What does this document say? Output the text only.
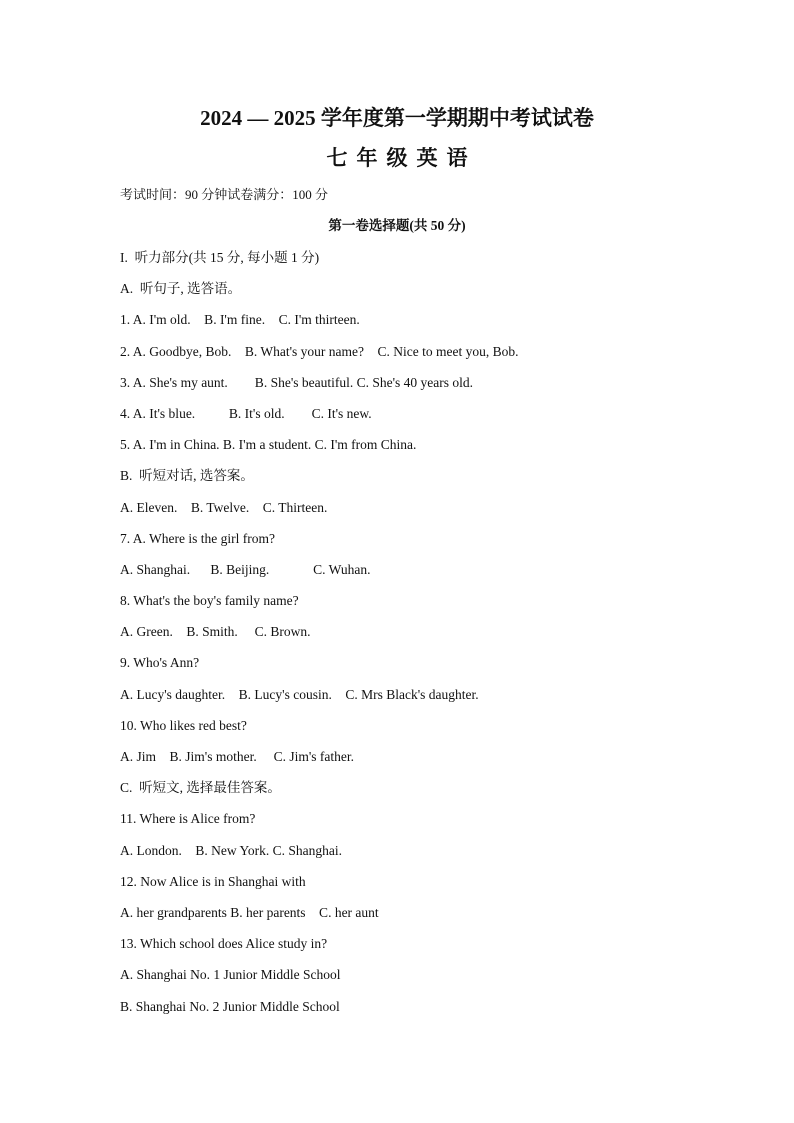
2024 — 2025 学年度第一学期期中考试试卷
七年级英语
考试时间：90 分钟试卷满分：100 分
第一卷选择题(共 50 分)
I.  听力部分(共 15 分, 每小题 1 分)
A.  听句子, 选答语。
1. A. I'm old.    B. I'm fine.    C. I'm thirteen.
2. A. Goodbye, Bob.    B. What's your name?    C. Nice to meet you, Bob.
3. A. She's my aunt.        B. She's beautiful. C. She's 40 years old.
4. A. It's blue.          B. It's old.        C. It's new.
5. A. I'm in China. B. I'm a student. C. I'm from China.
B.  听短对话, 选答案。
A. Eleven.    B. Twelve.    C. Thirteen.
7. A. Where is the girl from?
A. Shanghai.      B. Beijing.             C. Wuhan.
8. What's the boy's family name?
A. Green.    B. Smith.     C. Brown.
9. Who's Ann?
A. Lucy's daughter.    B. Lucy's cousin.    C. Mrs Black's daughter.
10. Who likes red best?
A. Jim    B. Jim's mother.     C. Jim's father.
C.  听短文, 选择最佳答案。
11. Where is Alice from?
A. London.    B. New York. C. Shanghai.
12. Now Alice is in Shanghai with
A. her grandparents B. her parents    C. her aunt
13. Which school does Alice study in?
A. Shanghai No. 1 Junior Middle School
B. Shanghai No. 2 Junior Middle School
